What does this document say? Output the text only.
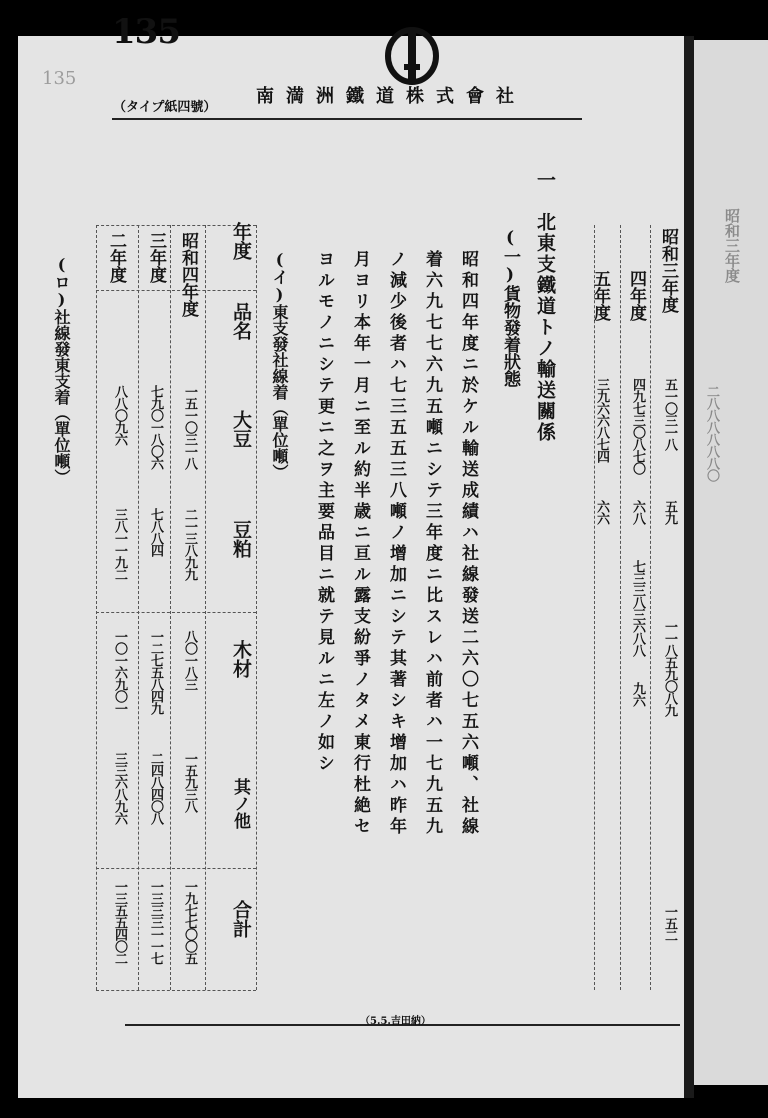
昭和三年度
二八八八八八八〇
135
135
（タイプ紙四號）
南満洲鐵道株式會社
一　北東支鐵道トノ輸送關係
(一)貨物發着狀態
昭和四年度ニ於ケル輸送成績ハ社線發送二六〇七五六噸、社線
着六九七七六九五噸ニシテ三年度ニ比スレハ前者ハ一七九五九
ノ減少後者ハ七三五五三八噸ノ增加ニシテ其著シキ增加ハ昨年
月ヨリ本年一月ニ至ル約半歳ニ亘ル露支紛爭ノタメ東行杜絶セ
ヨルモノニシテ更ニ之ヲ主要品目ニ就テ見ルニ左ノ如シ
(イ)東支發社線着（單位噸）
(ロ)社線發東支着（單位噸）
年度
品名
大豆
豆粕
木材
其ノ他
合計
昭和四年度
三年度
二年度
一五一〇三一八
二一三八九九
八〇一八三
一五九三八
一九七七〇〇五
七九〇一八〇六
七八八四
一二七五八四九
二四八四〇八
一三三三一一七
八八〇九六
三八一一九二
一〇一六九〇一
三三六八九六
一三五五四〇二
昭和三年度
五一〇三一八
五九
一一八五九〇八九
一五二
四年度
四九七三〇八七〇
六八
七三三八三六八八
九六
五年度
三九六六八七四
六六
（5.5.吉田納）
